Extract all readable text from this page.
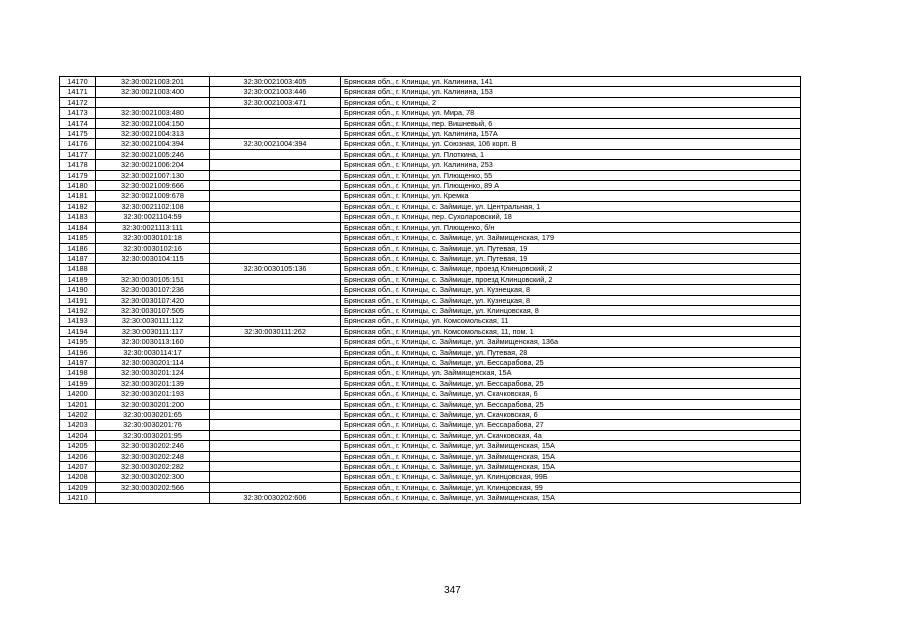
14170	32:30:0021003:201	32:30:0021003:405	Брянская обл., г. Клинцы, ул. Калинина, 141
14171	32:30:0021003:400	32:30:0021003:446	Брянская обл., г. Клинцы, ул. Калинина, 153
14172		32:30:0021003:471	Брянская обл., г. Клинцы, 2
14173	32:30:0021003:480		Брянская обл., г. Клинцы, ул. Мира, 78
14174	32:30:0021004:150		Брянская обл., г. Клинцы, пер. Вишневый, 6
14175	32:30:0021004:313		Брянская обл., г. Клинцы, ул. Калинина, 157А
14176	32:30:0021004:394	32:30:0021004:394	Брянская обл., г. Клинцы, ул. Союзная, 106 корп. В
14177	32:30:0021005:246		Брянская обл., г. Клинцы, ул. Плоткина, 1
14178	32:30:0021006:204		Брянская обл., г. Клинцы, ул. Калинина, 253
14179	32:30:0021007:130		Брянская обл., г. Клинцы, ул. Плющенко, 55
14180	32:30:0021009:666		Брянская обл., г. Клинцы, ул. Плющенко, 89 А
14181	32:30:0021009:678		Брянская обл., г. Клинцы, ул. Кремка
14182	32:30:0021102:108		Брянская обл., г. Клинцы, с. Займище, ул. Центральная, 1
14183	32:30:0021104:59		Брянская обл., г. Клинцы, пер. Сухоларовский, 18
14184	32:30:0021113:111		Брянская обл., г. Клинцы, ул. Плющенко, б/н
14185	32:30:0030101:18		Брянская обл., г. Клинцы, с. Займище, ул. Займищенская, 179
14186	32:30:0030102:16		Брянская обл., г. Клинцы, с. Займище, ул. Путевая, 19
14187	32:30:0030104:115		Брянская обл., г. Клинцы, с. Займище, ул. Путевая, 19
14188		32:30:0030105:136	Брянская обл., г. Клинцы, с. Займище, проезд Клинцовский, 2
14189	32:30:0030105:151		Брянская обл., г. Клинцы, с. Займище, проезд Клинцовский, 2
14190	32:30:0030107:236		Брянская обл., г. Клинцы, с. Займище, ул. Кузнецкая, 8
14191	32:30:0030107:420		Брянская обл., г. Клинцы, с. Займище, ул. Кузнецкая, 8
14192	32:30:0030107:505		Брянская обл., г. Клинцы, с. Займище, ул. Клинцовская, 8
14193	32:30:0030111:112		Брянская обл., г. Клинцы, ул. Комсомольская, 11
14194	32:30:0030111:117	32:30:0030111:262	Брянская обл., г. Клинцы, ул. Комсомольская, 11, пом. 1
14195	32:30:0030113:160		Брянская обл., г. Клинцы, с. Займище, ул. Займищенская, 136а
14196	32:30:0030114:17		Брянская обл., г. Клинцы, с. Займище, ул. Путевая, 28
14197	32:30:0030201:114		Брянская обл., г. Клинцы, с. Займище, ул. Бессарабова, 25
14198	32:30:0030201:124		Брянская обл., г. Клинцы, ул. Займищенская, 15А
14199	32:30:0030201:139		Брянская обл., г. Клинцы, с. Займище, ул. Бессарабова, 25
14200	32:30:0030201:193		Брянская обл., г. Клинцы, с. Займище, ул. Скачковская, 6
14201	32:30:0030201:200		Брянская обл., г. Клинцы, с. Займище, ул. Бессарабова, 25
14202	32:30:0030201:65		Брянская обл., г. Клинцы, с. Займище, ул. Скачковская, 6
14203	32:30:0030201:76		Брянская обл., г. Клинцы, с. Займище, ул. Бессарабова, 27
14204	32:30:0030201:95		Брянская обл., г. Клинцы, с. Займище, ул. Скачковская, 4а
14205	32:30:0030202:246		Брянская обл., г. Клинцы, с. Займище, ул. Займищенская, 15А
14206	32:30:0030202:248		Брянская обл., г. Клинцы, с. Займище, ул. Займищенская, 15А
14207	32:30:0030202:282		Брянская обл., г. Клинцы, с. Займище, ул. Займищенская, 15А
14208	32:30:0030202:300		Брянская обл., г. Клинцы, с. Займище, ул. Клинцовская, 99Б
14209	32:30:0030202:566		Брянская обл., г. Клинцы, с. Займище, ул. Клинцовская, 99
14210		32:30:0030202:606	Брянская обл., г. Клинцы, с. Займище, ул. Займищенская, 15А
347
